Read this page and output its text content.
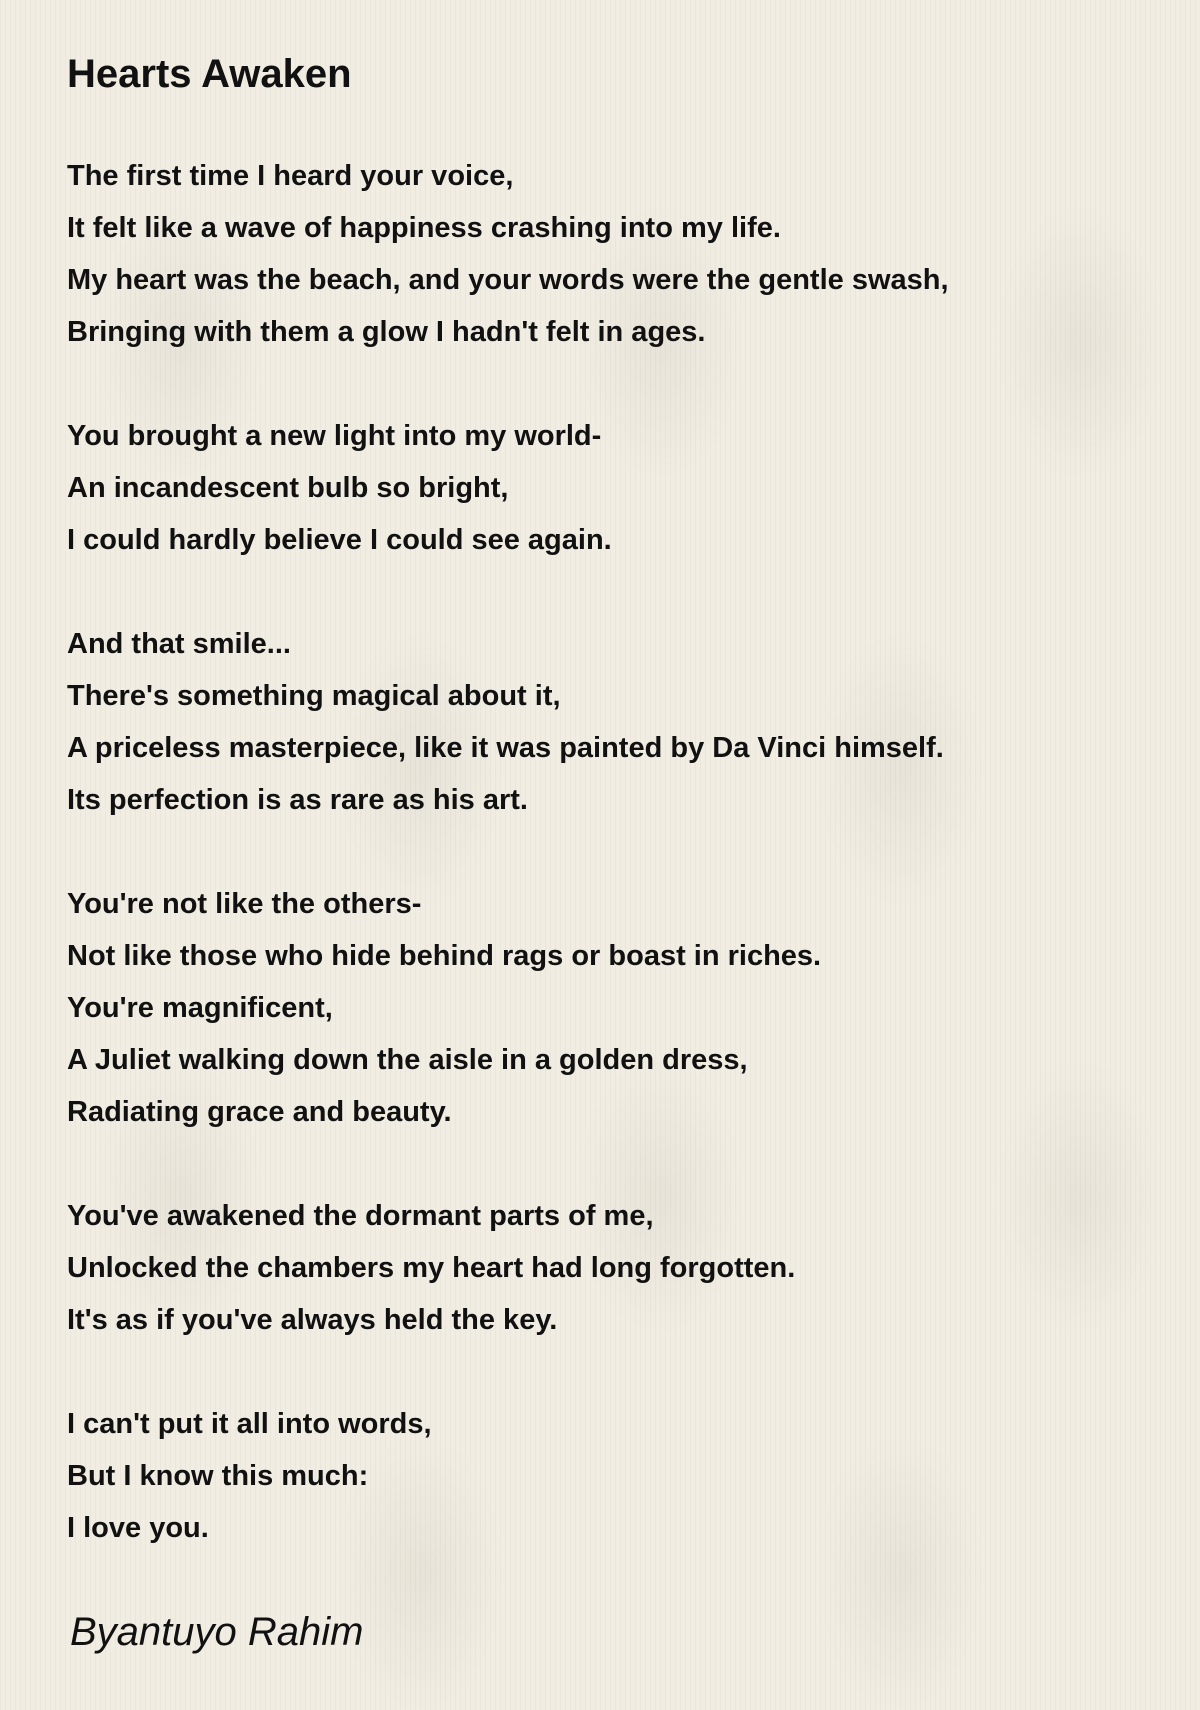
Hearts Awaken
The first time I heard your voice,
It felt like a wave of happiness crashing into my life.
My heart was the beach, and your words were the gentle swash,
Bringing with them a glow I hadn't felt in ages.
You brought a new light into my world-
An incandescent bulb so bright,
I could hardly believe I could see again.
And that smile...
There's something magical about it,
A priceless masterpiece, like it was painted by Da Vinci himself.
Its perfection is as rare as his art.
You're not like the others-
Not like those who hide behind rags or boast in riches.
You're magnificent,
A Juliet walking down the aisle in a golden dress,
Radiating grace and beauty.
You've awakened the dormant parts of me,
Unlocked the chambers my heart had long forgotten.
It's as if you've always held the key.
I can't put it all into words,
But I know this much:
I love you.

Byantuyo Rahim
